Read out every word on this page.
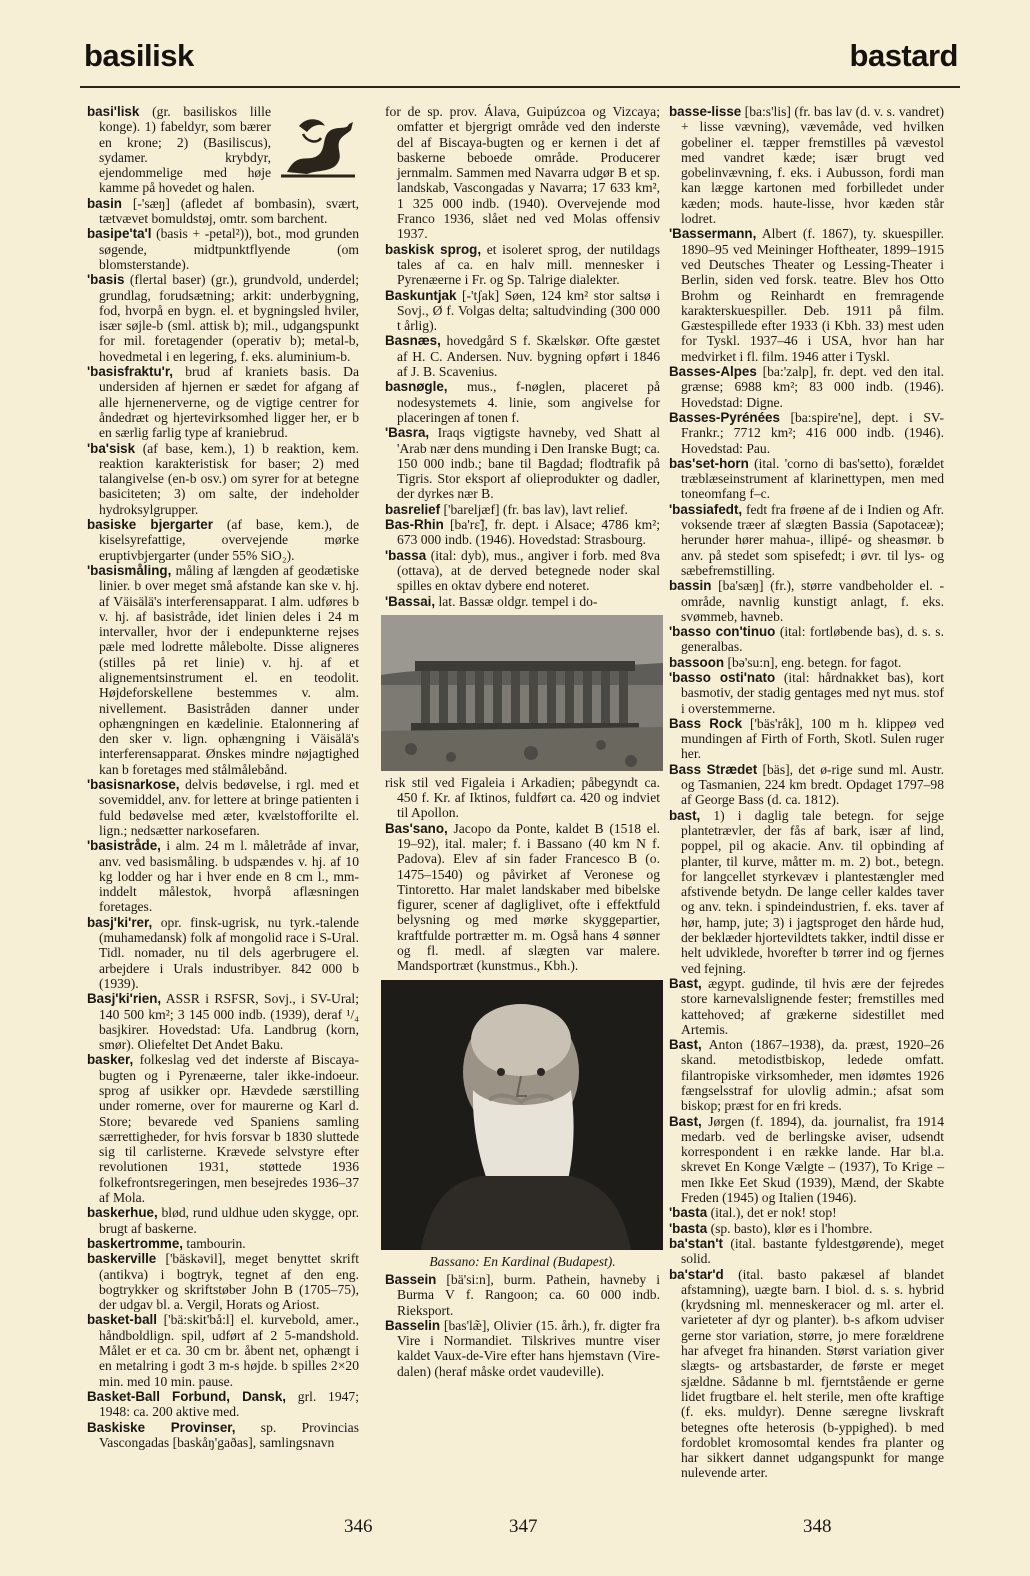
basilisk	bastard
basi'lisk (gr. basiliskos lille konge). 1) fabeldyr, som bærer en krone; 2) (Basiliscus), sydamer. krybdyr, ejendommelige med høje kamme på hovedet og halen.
basin [-'sæŋ] (afledet af bombasin), svært, tætvævet bomuldstøj, omtr. som barchent.
basipe'ta'l (basis + -petal²)), bot., mod grunden søgende, midtpunktflyende (om blomsterstande).
'basis (flertal baser) (gr.), grundvold, underdel; grundlag, forudsætning; arkit: underbygning, fod, hvorpå en bygn. el. et bygningsled hviler, især søjle-b (sml. attisk b); mil., udgangspunkt for mil. foretagender (operativ b); metal-b, hovedmetal i en legering, f. eks. aluminium-b.
'basisfraktu'r, brud af kraniets basis. Da undersiden af hjernen er sædet for afgang af alle hjernenerverne, og de vigtige centrer for åndedræt og hjertevirksomhed ligger her, er b en særlig farlig type af kraniebrud.
'ba'sisk (af base, kem.), 1) b reaktion, kem. reaktion karakteristisk for baser; 2) med talangivelse (en-b osv.) om syrer for at betegne basiciteten; 3) om salte, der indeholder hydroksylgrupper.
basiske bjergarter (af base, kem.), de kiselsyrefattige, overvejende mørke eruptivbjergarter (under 55% SiO₂).
'basismåling, måling af længden af geodætiske linier. b over meget små afstande kan ske v. hj. af Väisälä's interferensapparat. I alm. udføres b v. hj. af basistråde, idet linien deles i 24 m intervaller, hvor der i endepunkterne rejses pæle med lodrette målebolte. Disse aligneres (stilles på ret linie) v. hj. af et alignementsinstrument el. en teodolit. Højdeforskellene bestemmes v. alm. nivellement. Basistråden danner under ophængningen en kædelinie. Etalonnering af den sker v. lign. ophængning i Väisälä's interferensapparat. Ønskes mindre nøjagtighed kan b foretages med stålmålebånd.
'basisnarkose, delvis bedøvelse, i rgl. med et sovemiddel, anv. for lettere at bringe patienten i fuld bedøvelse med æter, kvælstofforilte el. lign.; nedsætter narkosefaren.
'basistråde, i alm. 24 m l. måletråde af invar, anv. ved basismåling. b udspændes v. hj. af 10 kg lodder og har i hver ende en 8 cm l., mm-inddelt målestok, hvorpå aflæsningen foretages.
basj'ki'rer, opr. finsk-ugrisk, nu tyrk.-talende (muhamedansk) folk af mongolid race i S-Ural. Tidl. nomader, nu til dels agerbrugere el. arbejdere i Urals industribyer. 842 000 b (1939).
Basj'ki'rien, ASSR i RSFSR, Sovj., i SV-Ural; 140 500 km²; 3 145 000 indb. (1939), deraf ¹/₄ basjkirer. Hovedstad: Ufa. Landbrug (korn, smør). Oliefeltet Det Andet Baku.
basker, folkeslag ved det inderste af Biscaya-bugten og i Pyrenæerne, taler ikke-indoeur. sprog af usikker opr. Hævdede særstilling under romerne, over for maurerne og Karl d. Store; bevarede ved Spaniens samling særrettigheder, for hvis forsvar b 1830 sluttede sig til carlisterne. Krævede selvstyre efter revolutionen 1931, støttede 1936 folkefrontsregeringen, men besejredes 1936–37 af Mola.
baskerhue, blød, rund uldhue uden skygge, opr. brugt af baskerne.
baskertromme, tambourin.
baskerville ['bäskəvil], meget benyttet skrift (antikva) i bogtryk, tegnet af den eng. bogtrykker og skriftstøber John B (1705–75), der udgav bl. a. Vergil, Horats og Ariost.
basket-ball ['bä:skit'bå:l] el. kurvebold, amer., håndboldlign. spil, udført af 2 5-mandshold. Målet er et ca. 30 cm br. åbent net, ophængt i en metalring i godt 3 m-s højde. b spilles 2×20 min. med 10 min. pause.
Basket-Ball Forbund, Dansk, grl. 1947; 1948: ca. 200 aktive med.
Baskiske Provinser, sp. Provincias Vascongadas [baskåŋ'gaðas], samlingsnavn
for de sp. prov. Álava, Guipúzcoa og Vizcaya; omfatter et bjergrigt område ved den inderste del af Biscaya-bugten og er kernen i det af baskerne beboede område. Producerer jernmalm. Sammen med Navarra udgør B et sp. landskab, Vascongadas y Navarra; 17 633 km², 1 325 000 indb. (1940). Overvejende mod Franco 1936, slået ned ved Molas offensiv 1937.
baskisk sprog, et isoleret sprog, der nutildags tales af ca. en halv mill. mennesker i Pyrenæerne i Fr. og Sp. Talrige dialekter.
Baskuntjak [-'tʃak] Søen, 124 km² stor saltsø i Sovj., Ø f. Volgas delta; saltudvinding (300 000 t årlig).
Basnæs, hovedgård S f. Skælskør. Ofte gæstet af H. C. Andersen. Nuv. bygning opført i 1846 af J. B. Scavenius.
basnøgle, mus., f-nøglen, placeret på nodesystemets 4. linie, som angivelse for placeringen af tonen f.
'Basra, Iraqs vigtigste havneby, ved Shatt al 'Arab nær dens munding i Den Iranske Bugt; ca. 150 000 indb.; bane til Bagdad; flodtrafik på Tigris. Stor eksport af olieprodukter og dadler, der dyrkes nær B.
basrelief ['bareljæf] (fr. bas lav), lavt relief.
Bas-Rhin [ba'rɛ̃], fr. dept. i Alsace; 4786 km²; 673 000 indb. (1946). Hovedstad: Strasbourg.
'bassa (ital: dyb), mus., angiver i forb. med 8va (ottava), at de derved betegnede noder skal spilles en oktav dybere end noteret.
'Bassai, lat. Bassæ oldgr. tempel i do-
risk stil ved Figaleia i Arkadien; påbegyndt ca. 450 f. Kr. af Iktinos, fuldført ca. 420 og indviet til Apollon.
Bas'sano, Jacopo da Ponte, kaldet B (1518 el. 19–92), ital. maler; f. i Bassano (40 km N f. Padova). Elev af sin fader Francesco B (o. 1475–1540) og påvirket af Veronese og Tintoretto. Har malet landskaber med bibelske figurer, scener af dagliglivet, ofte i effektfuld belysning og med mørke skyggepartier, kraftfulde portrætter m. m. Også hans 4 sønner og fl. medl. af slægten var malere. Mandsportræt (kunstmus., Kbh.).
Bassano: En Kardinal (Budapest).
Bassein [bä'si:n], burm. Pathein, havneby i Burma V f. Rangoon; ca. 60 000 indb. Rieksport.
Basselin [bas'læ̃], Olivier (15. årh.), fr. digter fra Vire i Normandiet. Tilskrives muntre viser kaldet Vaux-de-Vire efter hans hjemstavn (Vire-dalen) (heraf måske ordet vaudeville).
basse-lisse [ba:s'lis] (fr. bas lav (d. v. s. vandret) + lisse vævning), vævemåde, ved hvilken gobeliner el. tæpper fremstilles på vævestol med vandret kæde; især brugt ved gobelinvævning, f. eks. i Aubusson, fordi man kan lægge kartonen med forbilledet under kæden; mods. haute-lisse, hvor kæden står lodret.
'Bassermann, Albert (f. 1867), ty. skuespiller. 1890–95 ved Meininger Hoftheater, 1899–1915 ved Deutsches Theater og Lessing-Theater i Berlin, siden ved forsk. teatre. Blev hos Otto Brohm og Reinhardt en fremragende karakterskuespiller. Deb. 1911 på film. Gæstespillede efter 1933 (i Kbh. 33) mest uden for Tyskl. 1937–46 i USA, hvor han har medvirket i fl. film. 1946 atter i Tyskl.
Basses-Alpes [ba:'zalp], fr. dept. ved den ital. grænse; 6988 km²; 83 000 indb. (1946). Hovedstad: Digne.
Basses-Pyrénées [ba:spire'ne], dept. i SV-Frankr.; 7712 km²; 416 000 indb. (1946). Hovedstad: Pau.
bas'set-horn (ital. 'corno di bas'setto), forældet træblæseinstrument af klarinettypen, men med toneomfang f–c.
'bassiafedt, fedt fra frøene af de i Indien og Afr. voksende træer af slægten Bassia (Sapotaceæ); herunder hører mahua-, illipé- og sheasmør. b anv. på stedet som spisefedt; i øvr. til lys- og sæbefremstilling.
bassin [ba'sæŋ] (fr.), større vandbeholder el. -område, navnlig kunstigt anlagt, f. eks. svømmeb, havneb.
'basso con'tinuo (ital: fortløbende bas), d. s. s. generalbas.
bassoon [bə'su:n], eng. betegn. for fagot.
'basso osti'nato (ital: hårdnakket bas), kort basmotiv, der stadig gentages med nyt mus. stof i overstemmerne.
Bass Rock ['bäs'råk], 100 m h. klippeø ved mundingen af Firth of Forth, Skotl. Sulen ruger her.
Bass Strædet [bäs], det ø-rige sund ml. Austr. og Tasmanien, 224 km bredt. Opdaget 1797–98 af George Bass (d. ca. 1812).
bast, 1) i daglig tale betegn. for sejge plantetrævler, der fås af bark, især af lind, poppel, pil og akacie. Anv. til opbinding af planter, til kurve, måtter m. m. 2) bot., betegn. for langcellet styrkevæv i plantestængler med afstivende betydn. De lange celler kaldes taver og anv. tekn. i spindeindustrien, f. eks. taver af hør, hamp, jute; 3) i jagtsproget den hårde hud, der beklæder hjortevildtets takker, indtil disse er helt udviklede, hvorefter b tørrer ind og fjernes ved fejning.
Bast, ægypt. gudinde, til hvis ære der fejredes store karnevalslignende fester; fremstilles med kattehoved; af grækerne sidestillet med Artemis.
Bast, Anton (1867–1938), da. præst, 1920–26 skand. metodistbiskop, ledede omfatt. filantropiske virksomheder, men idømtes 1926 fængselsstraf for ulovlig admin.; afsat som biskop; præst for en fri kreds.
Bast, Jørgen (f. 1894), da. journalist, fra 1914 medarb. ved de berlingske aviser, udsendt korrespondent i en række lande. Har bl.a. skrevet En Konge Vælgte – (1937), To Krige – men Ikke Eet Skud (1939), Mænd, der Skabte Freden (1945) og Italien (1946).
'basta (ital.), det er nok! stop!
'basta (sp. basto), klør es i l'hombre.
ba'stan't (ital. bastante fyldestgørende), meget solid.
ba'star'd (ital. basto pakæsel af blandet afstamning), uægte barn. I biol. d. s. s. hybrid (krydsning ml. menneskeracer og ml. arter el. varieteter af dyr og planter). b-s afkom udviser gerne stor variation, større, jo mere forældrene har afveget fra hinanden. Størst variation giver slægts- og artsbastarder, de første er meget sjældne. Sådanne b ml. fjerntstående er gerne lidet frugtbare el. helt sterile, men ofte kraftige (f. eks. muldyr). Denne særegne livskraft betegnes ofte heterosis (b-yppighed). b med fordoblet kromosomtal kendes fra planter og har sikkert dannet udgangspunkt for mange nulevende arter.
346	347	348
